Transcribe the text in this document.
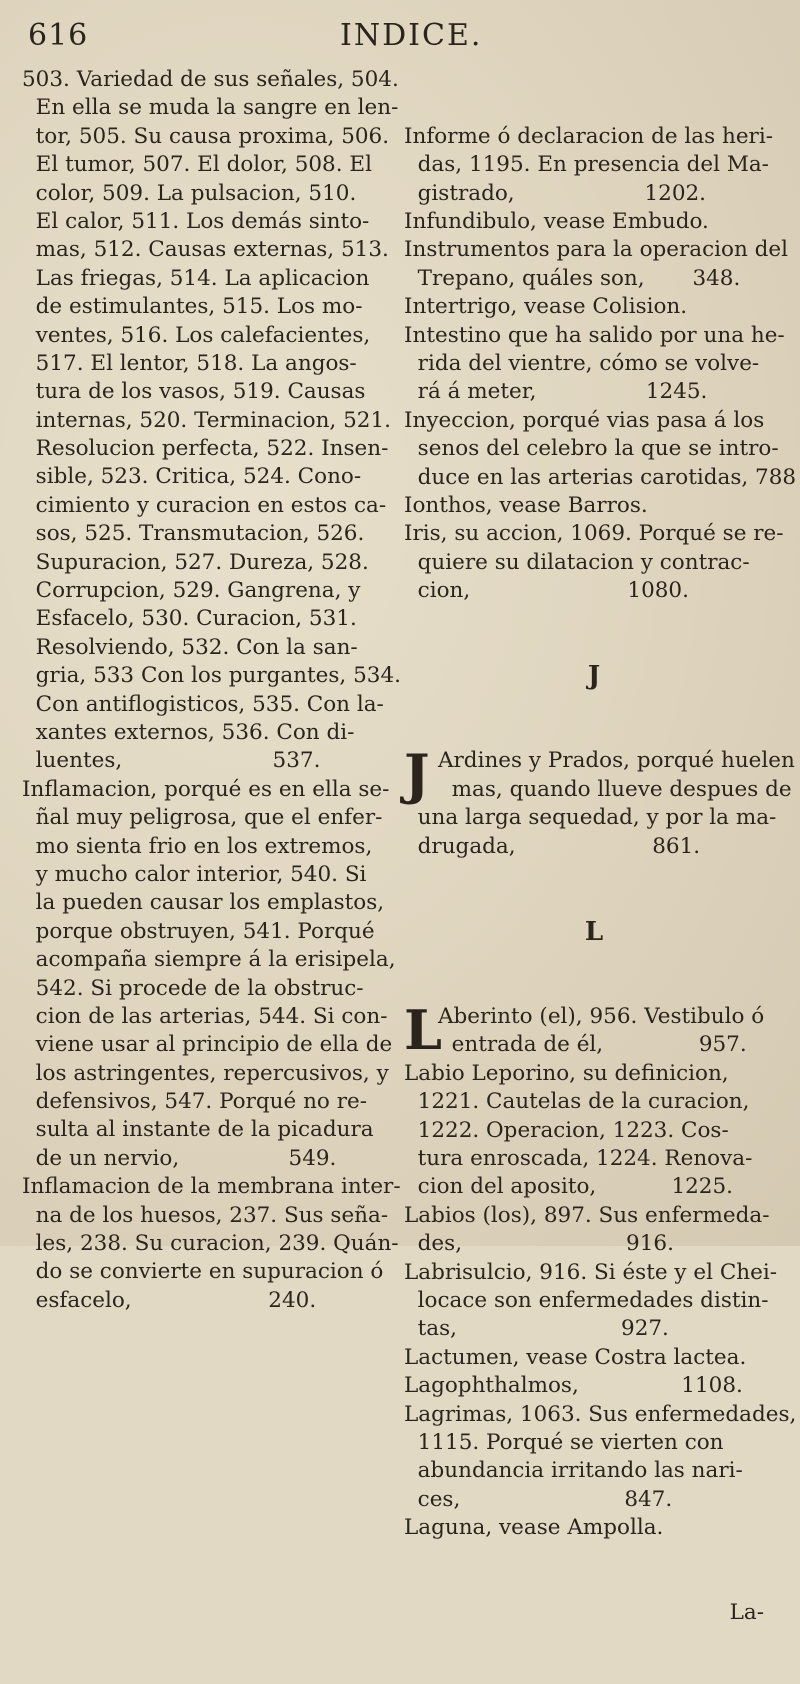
616	INDICE.
503. Variedad de sus señales, 504.
En ella se muda la sangre en len-
tor, 505. Su causa proxima, 506.
El tumor, 507. El dolor, 508. El
color, 509. La pulsacion, 510.
El calor, 511. Los demás sinto-
mas, 512. Causas externas, 513.
Las friegas, 514. La aplicacion
de estimulantes, 515. Los mo-
ventes, 516. Los calefacientes,
517. El lentor, 518. La angos-
tura de los vasos, 519. Causas
internas, 520. Terminacion, 521.
Resolucion perfecta, 522. Insen-
sible, 523. Critica, 524. Cono-
cimiento y curacion en estos ca-
sos, 525. Transmutacion, 526.
Supuracion, 527. Dureza, 528.
Corrupcion, 529. Gangrena, y
Esfacelo, 530. Curacion, 531.
Resolviendo, 532. Con la san-
gria, 533 Con los purgantes, 534.
Con antiflogisticos, 535. Con la-
xantes externos, 536. Con di-
luentes,                      537.
Inflamacion, porqué es en ella se-
ñal muy peligrosa, que el enfer-
mo sienta frio en los extremos,
y mucho calor interior, 540. Si
la pueden causar los emplastos,
porque obstruyen, 541. Porqué
acompaña siempre á la erisipela,
542. Si procede de la obstruc-
cion de las arterias, 544. Si con-
viene usar al principio de ella de
los astringentes, repercusivos, y
defensivos, 547. Porqué no re-
sulta al instante de la picadura
de un nervio,                549.
Inflamacion de la membrana inter-
na de los huesos, 237. Sus seña-
les, 238. Su curacion, 239. Quán-
do se convierte en supuracion ó
esfacelo,                    240.

Informe ó declaracion de las heri-
das, 1195. En presencia del Ma-
gistrado,                   1202.
Infundibulo, vease Embudo.
Instrumentos para la operacion del
Trepano, quáles son,       348.
Intertrigo, vease Colision.
Intestino que ha salido por una he-
rida del vientre, cómo se volve-
rá á meter,                1245.
Inyeccion, porqué vias pasa á los
senos del celebro la que se intro-
duce en las arterias carotidas, 788
Ionthos, vease Barros.
Iris, su accion, 1069. Porqué se re-
quiere su dilatacion y contrac-
cion,                       1080.

J

J Ardines y Prados, porqué huelen
mas, quando llueve despues de
una larga sequedad, y por la ma-
drugada,                    861.

L

L
Aberinto (el), 956. Vestibulo ó
entrada de él,              957.
Labio Leporino, su definicion,
1221. Cautelas de la curacion,
1222. Operacion, 1223. Cos-
tura enroscada, 1224. Renova-
cion del aposito,           1225.
Labios (los), 897. Sus enfermeda-
des,                        916.
Labrisulcio, 916. Si éste y el Chei-
locace son enfermedades distin-
tas,                        927.
Lactumen, vease Costra lactea.
Lagophthalmos,               1108.
Lagrimas, 1063. Sus enfermedades,
1115. Porqué se vierten con
abundancia irritando las nari-
ces,                        847.
Laguna, vease Ampolla.

La-
